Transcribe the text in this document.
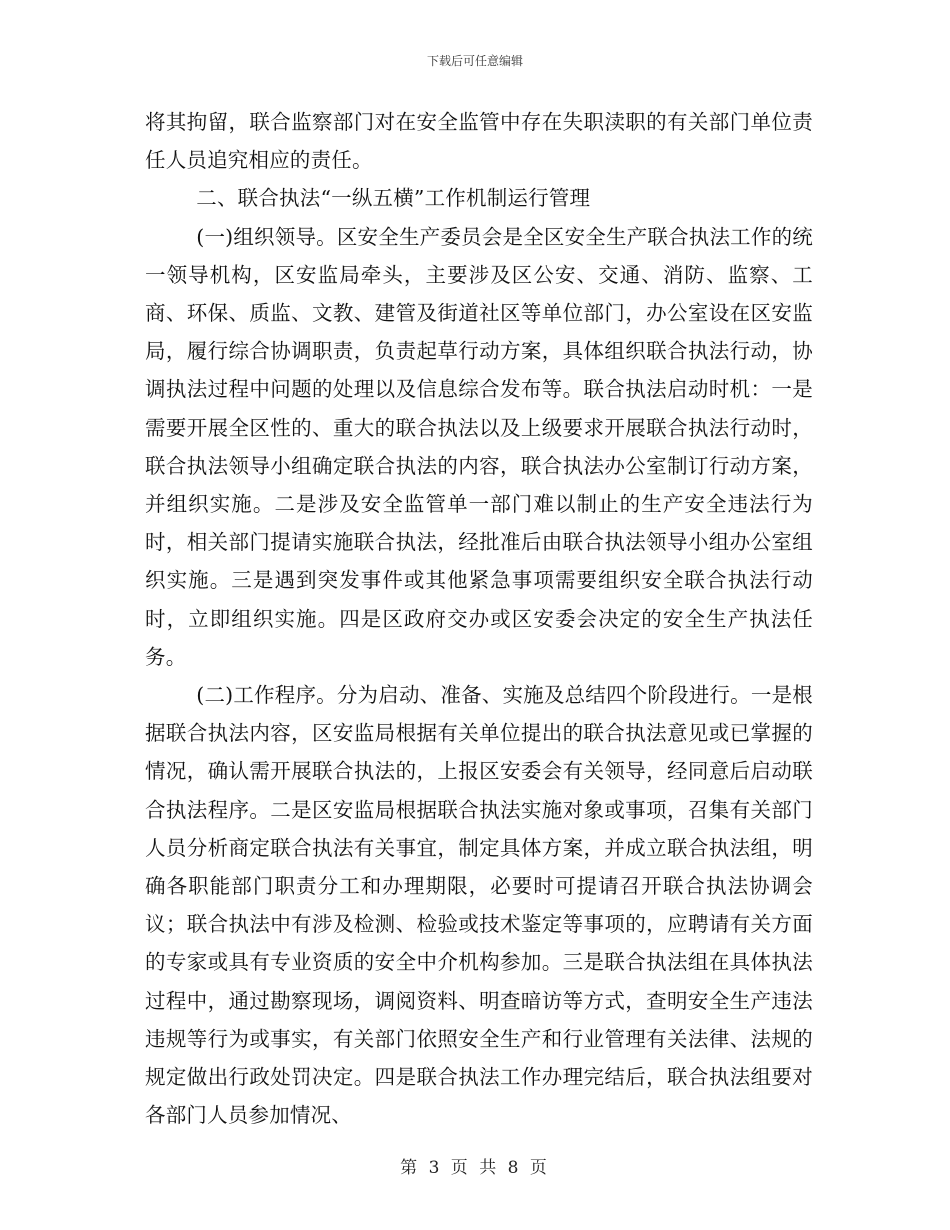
下载后可任意编辑

将其拘留，联合监察部门对在安全监管中存在失职渎职的有关部门单位责任人员追究相应的责任。

二、联合执法“一纵五横”工作机制运行管理

(一)组织领导。区安全生产委员会是全区安全生产联合执法工作的统一领导机构，区安监局牵头，主要涉及区公安、交通、消防、监察、工商、环保、质监、文教、建管及街道社区等单位部门，办公室设在区安监局，履行综合协调职责，负责起草行动方案，具体组织联合执法行动，协调执法过程中问题的处理以及信息综合发布等。联合执法启动时机：一是需要开展全区性的、重大的联合执法以及上级要求开展联合执法行动时，联合执法领导小组确定联合执法的内容，联合执法办公室制订行动方案，并组织实施。二是涉及安全监管单一部门难以制止的生产安全违法行为时，相关部门提请实施联合执法，经批准后由联合执法领导小组办公室组织实施。三是遇到突发事件或其他紧急事项需要组织安全联合执法行动时，立即组织实施。四是区政府交办或区安委会决定的安全生产执法任务。

(二)工作程序。分为启动、准备、实施及总结四个阶段进行。一是根据联合执法内容，区安监局根据有关单位提出的联合执法意见或已掌握的情况，确认需开展联合执法的，上报区安委会有关领导，经同意后启动联合执法程序。二是区安监局根据联合执法实施对象或事项，召集有关部门人员分析商定联合执法有关事宜，制定具体方案，并成立联合执法组，明确各职能部门职责分工和办理期限，必要时可提请召开联合执法协调会议；联合执法中有涉及检测、检验或技术鉴定等事项的，应聘请有关方面的专家或具有专业资质的安全中介机构参加。三是联合执法组在具体执法过程中，通过勘察现场，调阅资料、明查暗访等方式，查明安全生产违法违规等行为或事实，有关部门依照安全生产和行业管理有关法律、法规的规定做出行政处罚决定。四是联合执法工作办理完结后，联合执法组要对各部门人员参加情况、

第 3 页 共 8 页
